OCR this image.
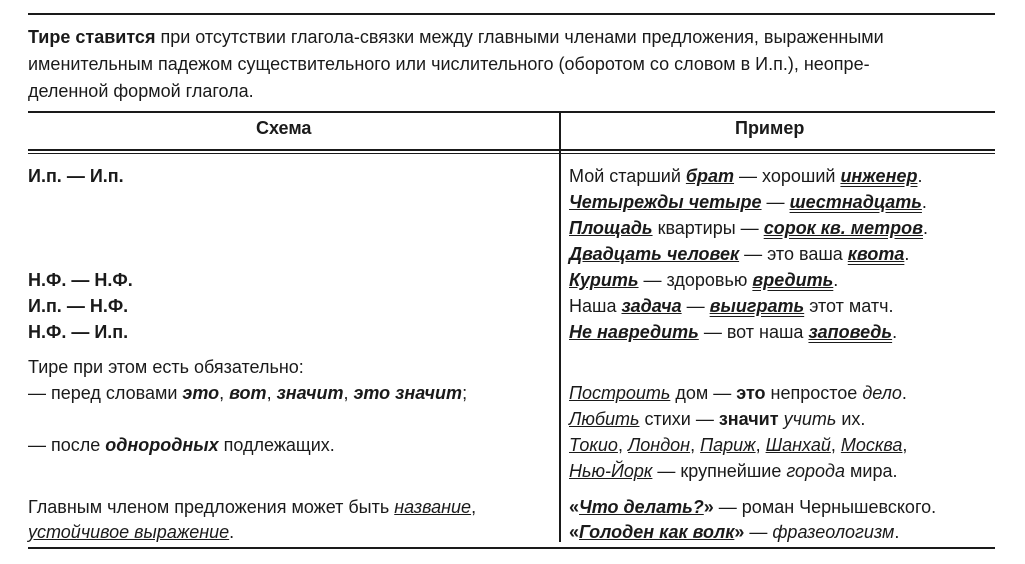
Тире ставится при отсутствии глагола-связки между главными членами предложения, выраженными
именительным падежом существительного или числительного (оборотом со словом в И.п.), неопре-
деленной формой глагола.
Схема	Пример
И.п. — И.п.
Н.Ф. — Н.Ф.
И.п. — Н.Ф.
Н.Ф. — И.п.
Тире при этом есть обязательно:
— перед словами это, вот, значит, это значит;
— после однородных подлежащих.
Главным членом предложения может быть название,
устойчивое выражение.
Мой старший брат — хороший инженер.
Четырежды четыре — шестнадцать.
Площадь квартиры — сорок кв. метров.
Двадцать человек — это ваша квота.
Курить — здоровью вредить.
Наша задача — выиграть этот матч.
Не навредить — вот наша заповедь.
Построить дом — это непростое дело.
Любить стихи — значит учить их.
Токио, Лондон, Париж, Шанхай, Москва,
Нью-Йорк — крупнейшие города мира.
«Что делать?» — роман Чернышевского.
«Голоден как волк» — фразеологизм.
